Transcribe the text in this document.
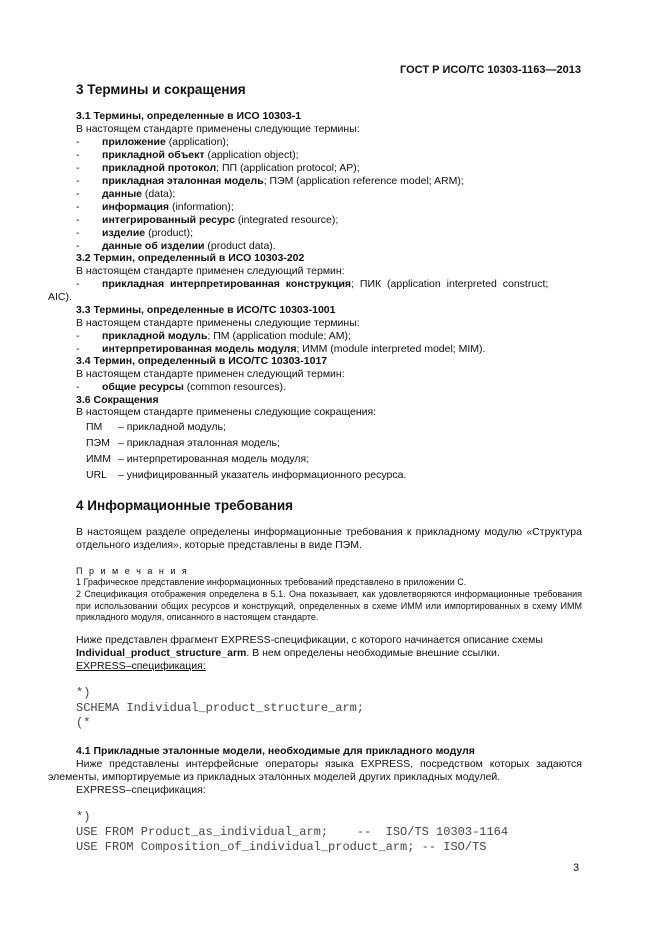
ГОСТ Р ИСО/ТС 10303-1163—2013
3 Термины и сокращения
3.1 Термины, определенные в ИСО 10303-1
В настоящем стандарте применены следующие термины:
- приложение (application);
- прикладной объект (application object);
- прикладной протокол; ПП (application protocol; AP);
- прикладная эталонная модель; ПЭМ (application reference model; ARM);
- данные (data);
- информация (information);
- интегрированный ресурс (integrated resource);
- изделие (product);
- данные об изделии (product data).
3.2 Термин, определенный в ИСО 10303-202
В настоящем стандарте применен следующий термин:
- прикладная интерпретированная конструкция; ПИК (application interpreted construct;
AIC).
3.3 Термины, определенные в ИСО/ТС 10303-1001
В настоящем стандарте применены следующие термины:
- прикладной модуль; ПМ (application module; AM);
- интерпретированная модель модуля; ИММ (module interpreted model; MIM).
3.4 Термин, определенный в ИСО/ТС 10303-1017
В настоящем стандарте применен следующий термин:
- общие ресурсы (common resources).
3.6 Сокращения
В настоящем стандарте применены следующие сокращения:
ПМ – прикладной модуль;
ПЭМ – прикладная эталонная модель;
ИММ – интерпретированная модель модуля;
URL – унифицированный указатель информационного ресурса.
4 Информационные требования
В настоящем разделе определены информационные требования к прикладному модулю «Структура отдельного изделия», которые представлены в виде ПЭМ.
П р и м е ч а н и я
1 Графическое представление информационных требований представлено в приложении С.
2 Спецификация отображения определена в 5.1. Она показывает, как удовлетворяются информационные требования при использовании общих ресурсов и конструкций, определенных в схеме ИММ или импортированных в схему ИММ прикладного модуля, описанного в настоящем стандарте.
Ниже представлен фрагмент EXPRESS-спецификации, с которого начинается описание схемы
Individual_product_structure_arm. В нем определены необходимые внешние ссылки.
EXPRESS–спецификация:
*)
SCHEMA Individual_product_structure_arm;
(*
4.1 Прикладные эталонные модели, необходимые для прикладного модуля
Ниже представлены интерфейсные операторы языка EXPRESS, посредством которых задаются элементы, импортируемые из прикладных эталонных моделей других прикладных модулей.
EXPRESS–спецификация:
*)
USE FROM Product_as_individual_arm;    --  ISO/TS 10303-1164
USE FROM Composition_of_individual_product_arm; -- ISO/TS
3
